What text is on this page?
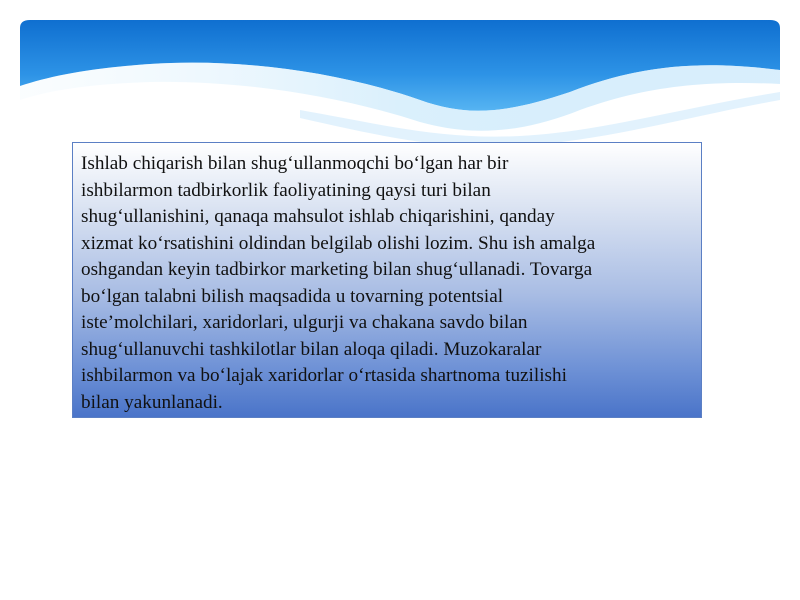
Ishlab chiqarish bilan shug‘ullanmoqchi bo‘lgan har bir
ishbilarmon tadbirkorlik faoliyatining qaysi turi bilan
shug‘ullanishini, qanaqa mahsulot ishlab chiqarishini, qanday
xizmat ko‘rsatishini oldindan belgilab olishi lozim. Shu ish amalga
oshgandan keyin tadbirkor marketing bilan shug‘ullanadi. Tovarga
bo‘lgan talabni bilish maqsadida u tovarning potentsial
iste’molchilari, xaridorlari, ulgurji va chakana savdo bilan
shug‘ullanuvchi tashkilotlar bilan aloqa qiladi. Muzokaralar
ishbilarmon va bo‘lajak xaridorlar o‘rtasida shartnoma tuzilishi
bilan yakunlanadi.
